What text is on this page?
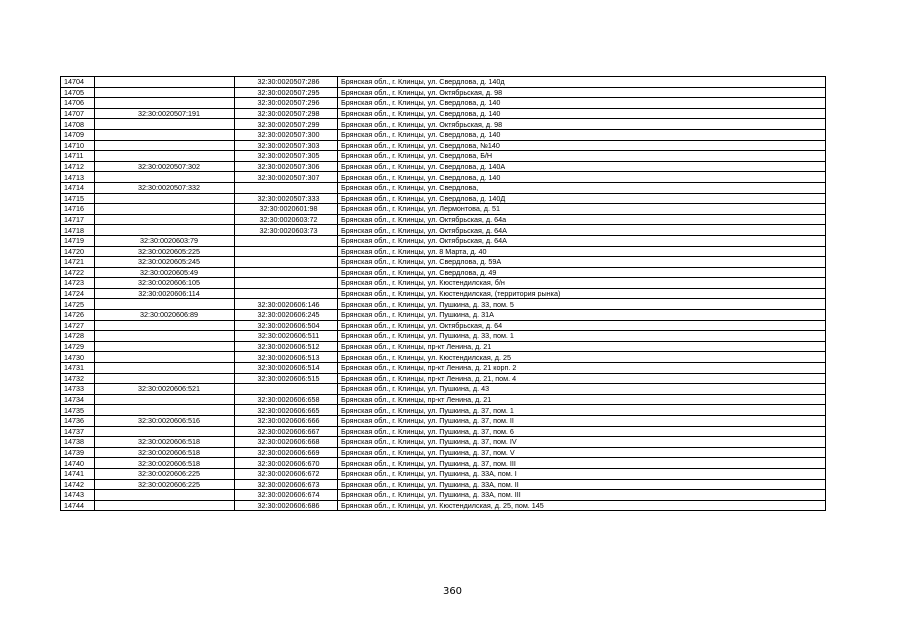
14704		32:30:0020507:286	Брянская обл., г. Клинцы, ул. Свердлова, д. 140д
14705		32:30:0020507:295	Брянская обл., г. Клинцы, ул. Октябрьская, д. 98
14706		32:30:0020507:296	Брянская обл., г. Клинцы, ул. Свердлова, д. 140
14707	32:30:0020507:191	32:30:0020507:298	Брянская обл., г. Клинцы, ул. Свердлова, д. 140
14708		32:30:0020507:299	Брянская обл., г. Клинцы, ул. Октябрьская, д. 98
14709		32:30:0020507:300	Брянская обл., г. Клинцы, ул. Свердлова, д. 140
14710		32:30:0020507:303	Брянская обл., г. Клинцы, ул. Свердлова, №140
14711		32:30:0020507:305	Брянская обл., г. Клинцы, ул. Свердлова, Б/Н
14712	32:30:0020507:302	32:30:0020507:306	Брянская обл., г. Клинцы, ул. Свердлова, д. 140А
14713		32:30:0020507:307	Брянская обл., г. Клинцы, ул. Свердлова, д. 140
14714	32:30:0020507:332		Брянская обл., г. Клинцы, ул. Свердлова,
14715		32:30:0020507:333	Брянская обл., г. Клинцы, ул. Свердлова, д. 140Д
14716		32:30:0020601:98	Брянская обл., г. Клинцы, ул. Лермонтова, д. 51
14717		32:30:0020603:72	Брянская обл., г. Клинцы, ул. Октябрьская, д. 64а
14718		32:30:0020603:73	Брянская обл., г. Клинцы, ул. Октябрьская, д. 64А
14719	32:30:0020603:79		Брянская обл., г. Клинцы, ул. Октябрьская, д. 64А
14720	32:30:0020605:225		Брянская обл., г. Клинцы, ул. 8 Марта, д. 40
14721	32:30:0020605:245		Брянская обл., г. Клинцы, ул. Свердлова, д. 59А
14722	32:30:0020605:49		Брянская обл., г. Клинцы, ул. Свердлова, д. 49
14723	32:30:0020606:105		Брянская обл., г. Клинцы, ул. Кюстендилская, б/н
14724	32:30:0020606:114		Брянская обл., г. Клинцы, ул. Кюстендилская, (территория рынка)
14725		32:30:0020606:146	Брянская обл., г. Клинцы, ул. Пушкина, д. 33, пом. 5
14726	32:30:0020606:89	32:30:0020606:245	Брянская обл., г. Клинцы, ул. Пушкина, д. 31А
14727		32:30:0020606:504	Брянская обл., г. Клинцы, ул. Октябрьская, д. 64
14728		32:30:0020606:511	Брянская обл., г. Клинцы, ул. Пушкина, д. 33, пом. 1
14729		32:30:0020606:512	Брянская обл., г. Клинцы, пр-кт Ленина, д. 21
14730		32:30:0020606:513	Брянская обл., г. Клинцы, ул. Кюстендилская, д. 25
14731		32:30:0020606:514	Брянская обл., г. Клинцы, пр-кт Ленина, д. 21 корп. 2
14732		32:30:0020606:515	Брянская обл., г. Клинцы, пр-кт Ленина, д. 21, пом. 4
14733	32:30:0020606:521		Брянская обл., г. Клинцы, ул. Пушкина, д. 43
14734		32:30:0020606:658	Брянская обл., г. Клинцы, пр-кт Ленина, д. 21
14735		32:30:0020606:665	Брянская обл., г. Клинцы, ул. Пушкина, д. 37, пом. 1
14736	32:30:0020606:516	32:30:0020606:666	Брянская обл., г. Клинцы, ул. Пушкина, д. 37, пом. II
14737		32:30:0020606:667	Брянская обл., г. Клинцы, ул. Пушкина, д. 37, пом. 6
14738	32:30:0020606:518	32:30:0020606:668	Брянская обл., г. Клинцы, ул. Пушкина, д. 37, пом. IV
14739	32:30:0020606:518	32:30:0020606:669	Брянская обл., г. Клинцы, ул. Пушкина, д. 37, пом. V
14740	32:30:0020606:518	32:30:0020606:670	Брянская обл., г. Клинцы, ул. Пушкина, д. 37, пом. III
14741	32:30:0020606:225	32:30:0020606:672	Брянская обл., г. Клинцы, ул. Пушкина, д. 33А, пом. I
14742	32:30:0020606:225	32:30:0020606:673	Брянская обл., г. Клинцы, ул. Пушкина, д. 33А, пом. II
14743		32:30:0020606:674	Брянская обл., г. Клинцы, ул. Пушкина, д. 33А, пом. III
14744		32:30:0020606:686	Брянская обл., г. Клинцы, ул. Кюстендилская, д. 25, пом. 145
360
